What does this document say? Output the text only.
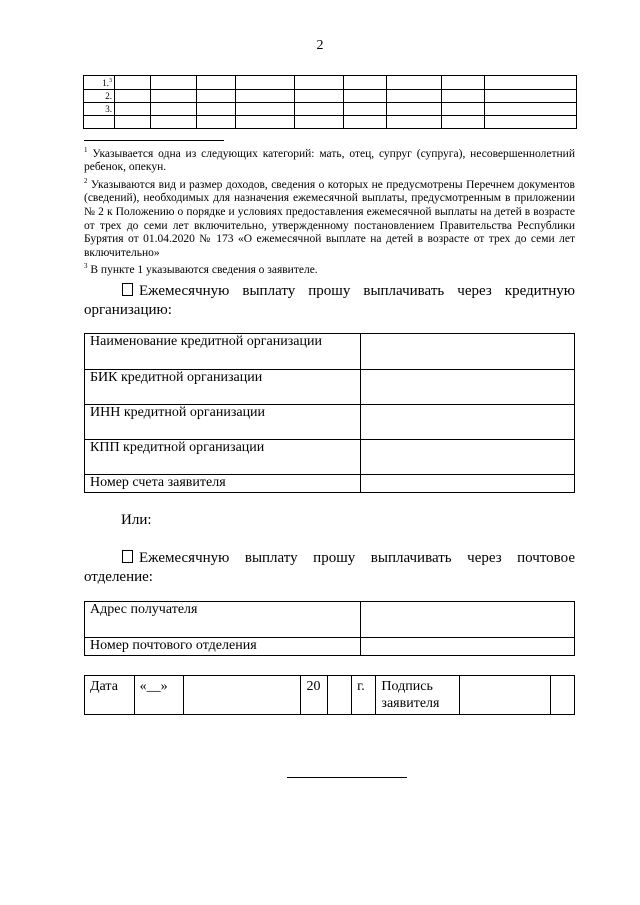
2
1.$^3$									
2.									
3.									

$^1$ Указывается одна из следующих категорий: мать, отец, супруг (супруга), несовершеннолетний ребенок, опекун.

$^2$ Указываются вид и размер доходов, сведения о которых не предусмотрены Перечнем документов (сведений), необходимых для назначения ежемесячной выплаты, предусмотренным в приложении № 2 к Положению о порядке и условиях предоставления ежемесячной выплаты на детей в возрасте от трех до семи лет включительно, утвержденному постановлением Правительства Республики Бурятия от 01.04.2020 № 173 «О ежемесячной выплате на детей в возрасте от трех до семи лет включительно»

$^3$ В пункте 1 указываются сведения о заявителе.

Ежемесячную выплату прошу выплачивать через кредитную организацию:
Наименование кредитной организации	
БИК кредитной организации	
ИНН кредитной организации	
КПП кредитной организации	
Номер счета заявителя	
Или:
Ежемесячную выплату прошу выплачивать через почтовое отделение:
Адрес получателя	
Номер почтового отделения	
Дата	«__»		20		г.	Подпись заявителя		
